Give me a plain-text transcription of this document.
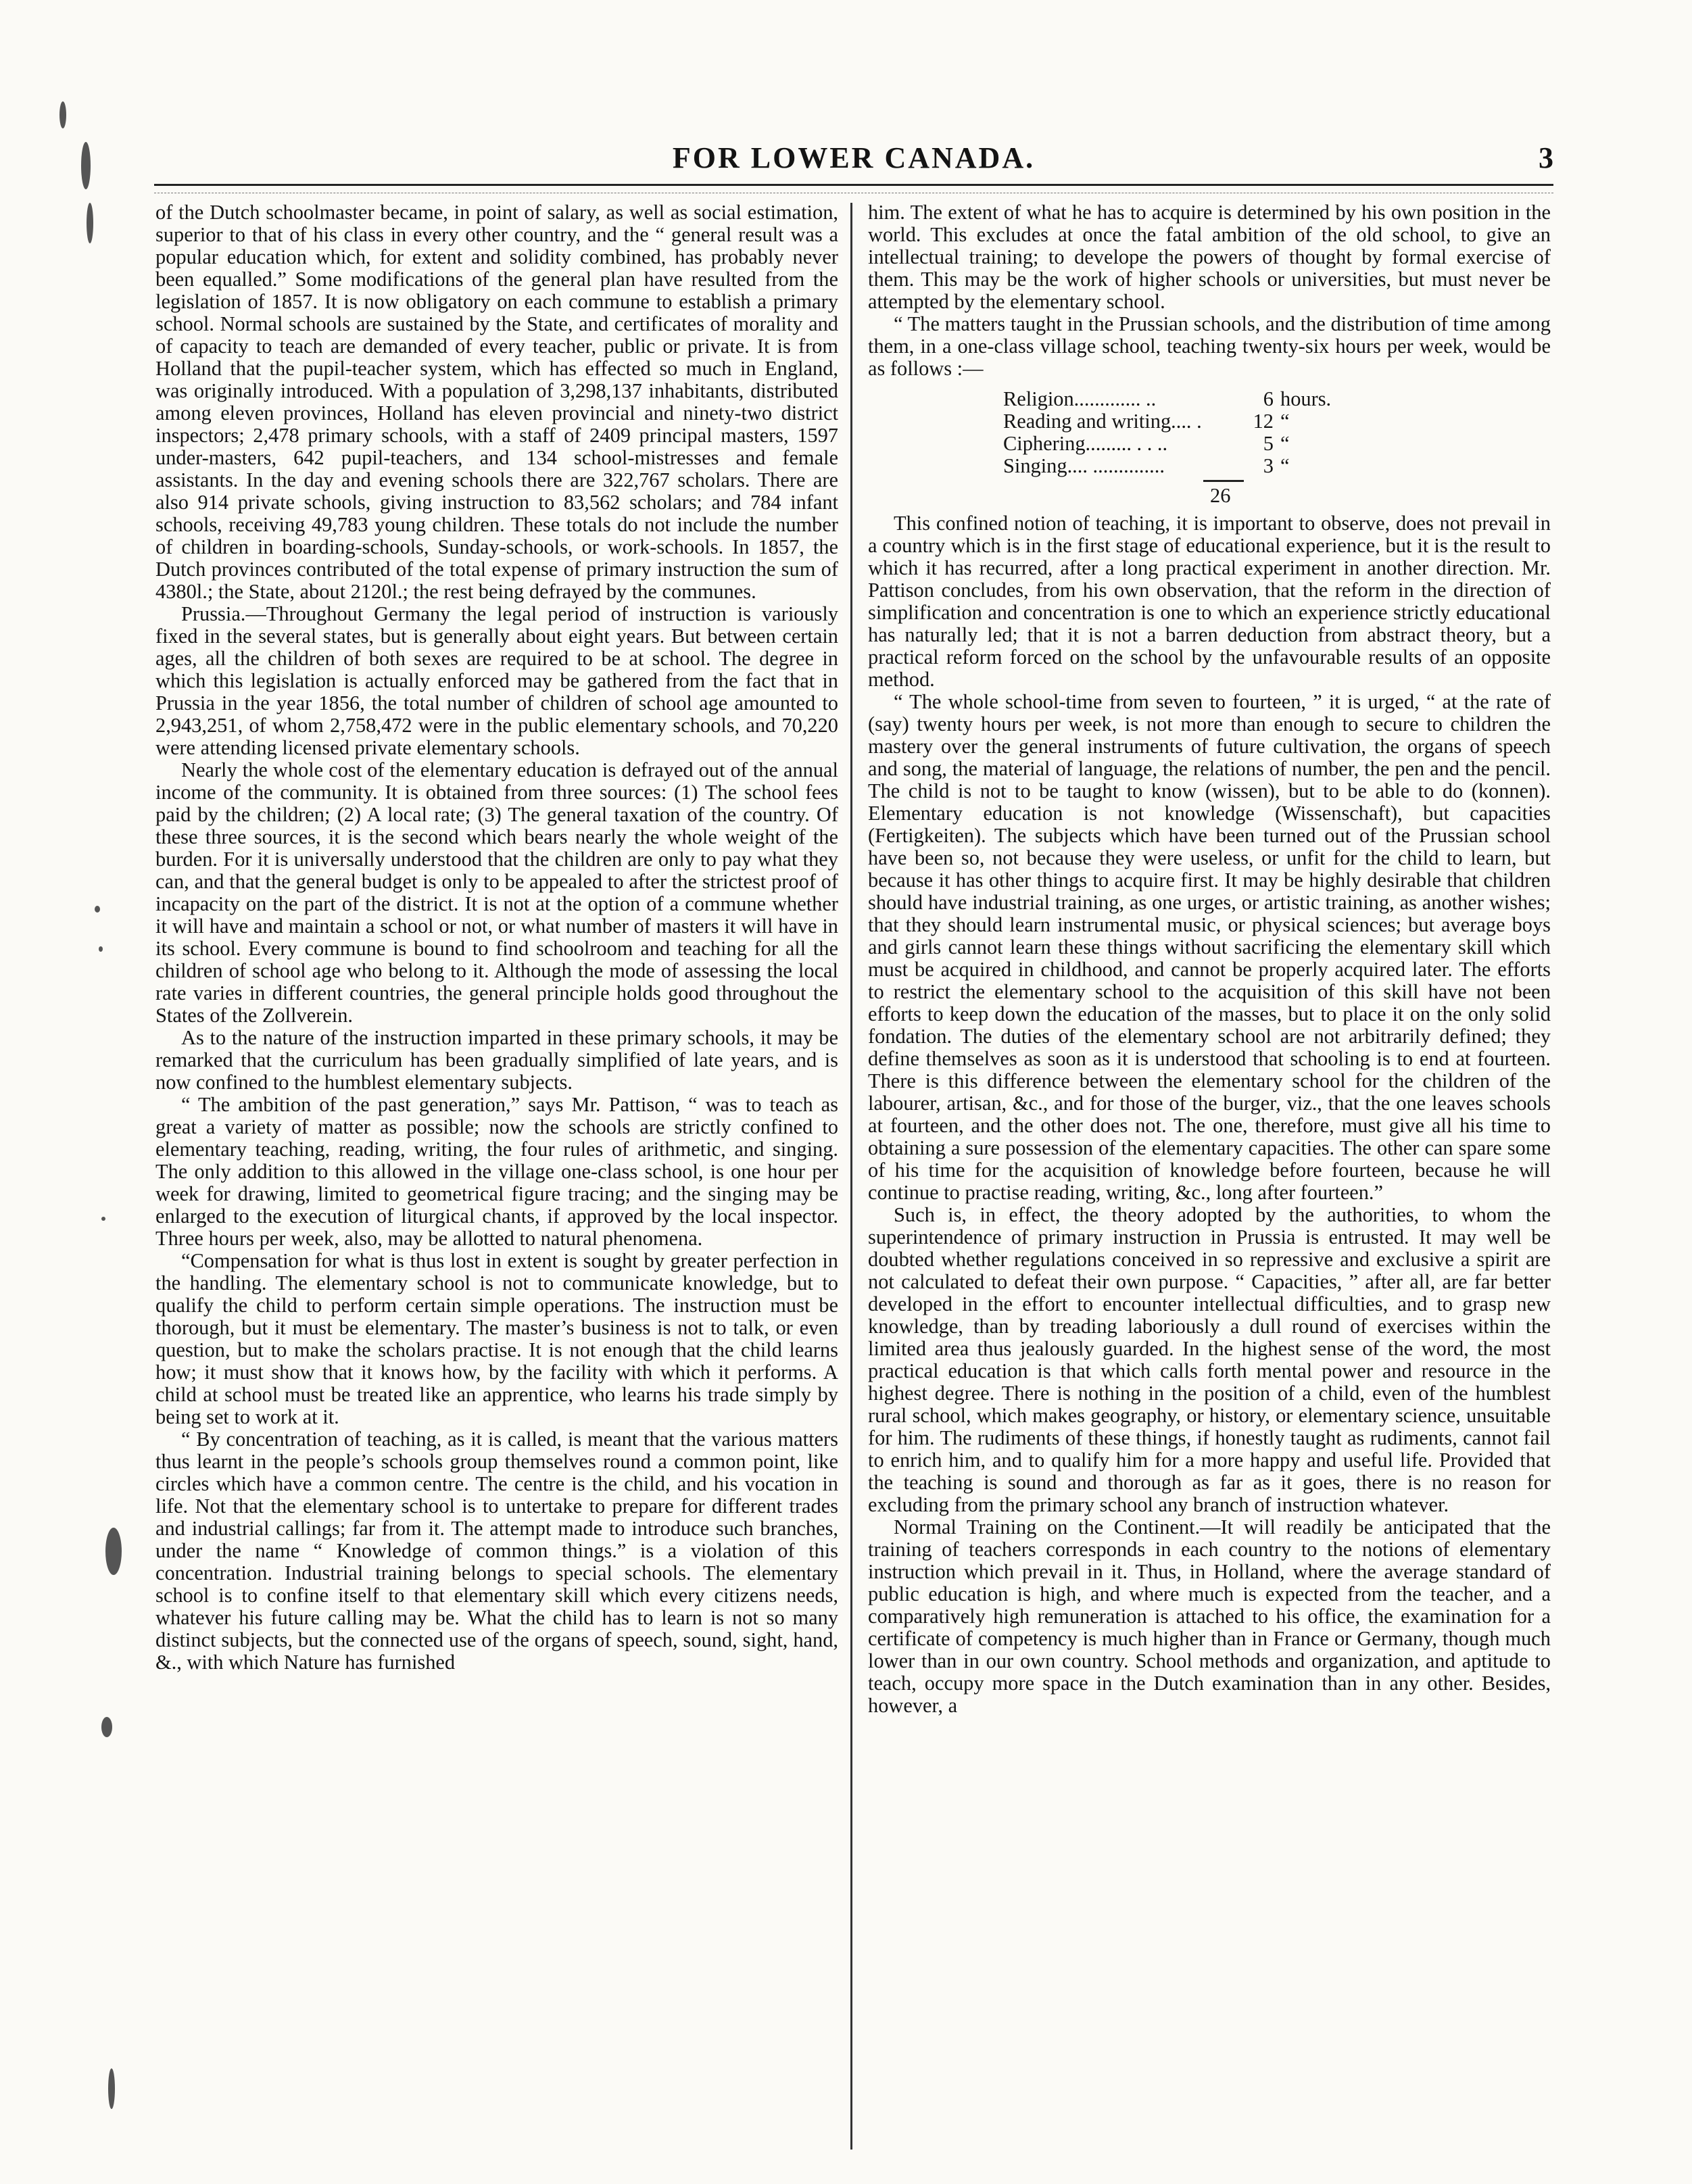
FOR LOWER CANADA.	3

of the Dutch schoolmaster became, in point of salary, as well as social estimation, superior to that of his class in every other country, and the “ general result was a popular education which, for extent and solidity combined, has probably never been equalled.” Some modifications of the general plan have resulted from the legislation of 1857. It is now obligatory on each commune to establish a primary school. Normal schools are sustained by the State, and certificates of morality and of capacity to teach are demanded of every teacher, public or private. It is from Holland that the pupil-teacher system, which has effected so much in England, was originally introduced. With a population of 3,298,137 inhabitants, distributed among eleven provinces, Holland has eleven provincial and ninety-two district inspectors; 2,478 primary schools, with a staff of 2409 principal masters, 1597 under-masters, 642 pupil-teachers, and 134 school-mistresses and female assistants. In the day and evening schools there are 322,767 scholars. There are also 914 private schools, giving instruction to 83,562 scholars; and 784 infant schools, receiving 49,783 young children. These totals do not include the number of children in boarding-schools, Sunday-schools, or work-schools. In 1857, the Dutch provinces contributed of the total expense of primary instruction the sum of 4380l.; the State, about 2120l.; the rest being defrayed by the communes.

Prussia.—Throughout Germany the legal period of instruction is variously fixed in the several states, but is generally about eight years. But between certain ages, all the children of both sexes are required to be at school. The degree in which this legislation is actually enforced may be gathered from the fact that in Prussia in the year 1856, the total number of children of school age amounted to 2,943,251, of whom 2,758,472 were in the public elementary schools, and 70,220 were attending licensed private elementary schools.

Nearly the whole cost of the elementary education is defrayed out of the annual income of the community. It is obtained from three sources: (1) The school fees paid by the children; (2) A local rate; (3) The general taxation of the country. Of these three sources, it is the second which bears nearly the whole weight of the burden. For it is universally understood that the children are only to pay what they can, and that the general budget is only to be appealed to after the strictest proof of incapacity on the part of the district. It is not at the option of a commune whether it will have and maintain a school or not, or what number of masters it will have in its school. Every commune is bound to find schoolroom and teaching for all the children of school age who belong to it. Although the mode of assessing the local rate varies in different countries, the general principle holds good throughout the States of the Zollverein.

As to the nature of the instruction imparted in these primary schools, it may be remarked that the curriculum has been gradually simplified of late years, and is now confined to the humblest elementary subjects.

“ The ambition of the past generation,” says Mr. Pattison, “ was to teach as great a variety of matter as possible; now the schools are strictly confined to elementary teaching, reading, writing, the four rules of arithmetic, and singing. The only addition to this allowed in the village one-class school, is one hour per week for drawing, limited to geometrical figure tracing; and the singing may be enlarged to the execution of liturgical chants, if approved by the local inspector. Three hours per week, also, may be allotted to natural phenomena.

“Compensation for what is thus lost in extent is sought by greater perfection in the handling. The elementary school is not to communicate knowledge, but to qualify the child to perform certain simple operations. The instruction must be thorough, but it must be elementary. The master’s business is not to talk, or even question, but to make the scholars practise. It is not enough that the child learns how; it must show that it knows how, by the facility with which it performs. A child at school must be treated like an apprentice, who learns his trade simply by being set to work at it.

“ By concentration of teaching, as it is called, is meant that the various matters thus learnt in the people’s schools group themselves round a common point, like circles which have a common centre. The centre is the child, and his vocation in life. Not that the elementary school is to untertake to prepare for different trades and industrial callings; far from it. The attempt made to introduce such branches, under the name “ Knowledge of common things.” is a violation of this concentration. Industrial training belongs to special schools. The elementary school is to confine itself to that elementary skill which every citizens needs, whatever his future calling may be. What the child has to learn is not so many distinct subjects, but the connected use of the organs of speech, sound, sight, hand, &., with which Nature has furnished

him. The extent of what he has to acquire is determined by his own position in the world. This excludes at once the fatal ambition of the old school, to give an intellectual training; to develope the powers of thought by formal exercise of them. This may be the work of higher schools or universities, but must never be attempted by the elementary school.

“ The matters taught in the Prussian schools, and the distribution of time among them, in a one-class village school, teaching twenty-six hours per week, would be as follows :—

Religion............. ..	6 hours.
Reading and writing.... .	12 “
Ciphering......... . . ..	5 “
Singing.... ..............	3 “
26

This confined notion of teaching, it is important to observe, does not prevail in a country which is in the first stage of educational experience, but it is the result to which it has recurred, after a long practical experiment in another direction. Mr. Pattison concludes, from his own observation, that the reform in the direction of simplification and concentration is one to which an experience strictly educational has naturally led; that it is not a barren deduction from abstract theory, but a practical reform forced on the school by the unfavourable results of an opposite method.

“ The whole school-time from seven to fourteen, ” it is urged, “ at the rate of (say) twenty hours per week, is not more than enough to secure to children the mastery over the general instruments of future cultivation, the organs of speech and song, the material of language, the relations of number, the pen and the pencil. The child is not to be taught to know (wissen), but to be able to do (konnen). Elementary education is not knowledge (Wissenschaft), but capacities (Fertigkeiten). The subjects which have been turned out of the Prussian school have been so, not because they were useless, or unfit for the child to learn, but because it has other things to acquire first. It may be highly desirable that children should have industrial training, as one urges, or artistic training, as another wishes; that they should learn instrumental music, or physical sciences; but average boys and girls cannot learn these things without sacrificing the elementary skill which must be acquired in childhood, and cannot be properly acquired later. The efforts to restrict the elementary school to the acquisition of this skill have not been efforts to keep down the education of the masses, but to place it on the only solid fondation. The duties of the elementary school are not arbitrarily defined; they define themselves as soon as it is understood that schooling is to end at fourteen. There is this difference between the elementary school for the children of the labourer, artisan, &c., and for those of the burger, viz., that the one leaves schools at fourteen, and the other does not. The one, therefore, must give all his time to obtaining a sure possession of the elementary capacities. The other can spare some of his time for the acquisition of knowledge before fourteen, because he will continue to practise reading, writing, &c., long after fourteen.”

Such is, in effect, the theory adopted by the authorities, to whom the superintendence of primary instruction in Prussia is entrusted. It may well be doubted whether regulations conceived in so repressive and exclusive a spirit are not calculated to defeat their own purpose. “ Capacities, ” after all, are far better developed in the effort to encounter intellectual difficulties, and to grasp new knowledge, than by treading laboriously a dull round of exercises within the limited area thus jealously guarded. In the highest sense of the word, the most practical education is that which calls forth mental power and resource in the highest degree. There is nothing in the position of a child, even of the humblest rural school, which makes geography, or history, or elementary science, unsuitable for him. The rudiments of these things, if honestly taught as rudiments, cannot fail to enrich him, and to qualify him for a more happy and useful life. Provided that the teaching is sound and thorough as far as it goes, there is no reason for excluding from the primary school any branch of instruction whatever.

Normal Training on the Continent.—It will readily be anticipated that the training of teachers corresponds in each country to the notions of elementary instruction which prevail in it. Thus, in Holland, where the average standard of public education is high, and where much is expected from the teacher, and a comparatively high remuneration is attached to his office, the examination for a certificate of competency is much higher than in France or Germany, though much lower than in our own country. School methods and organization, and aptitude to teach, occupy more space in the Dutch examination than in any other. Besides, however, a
